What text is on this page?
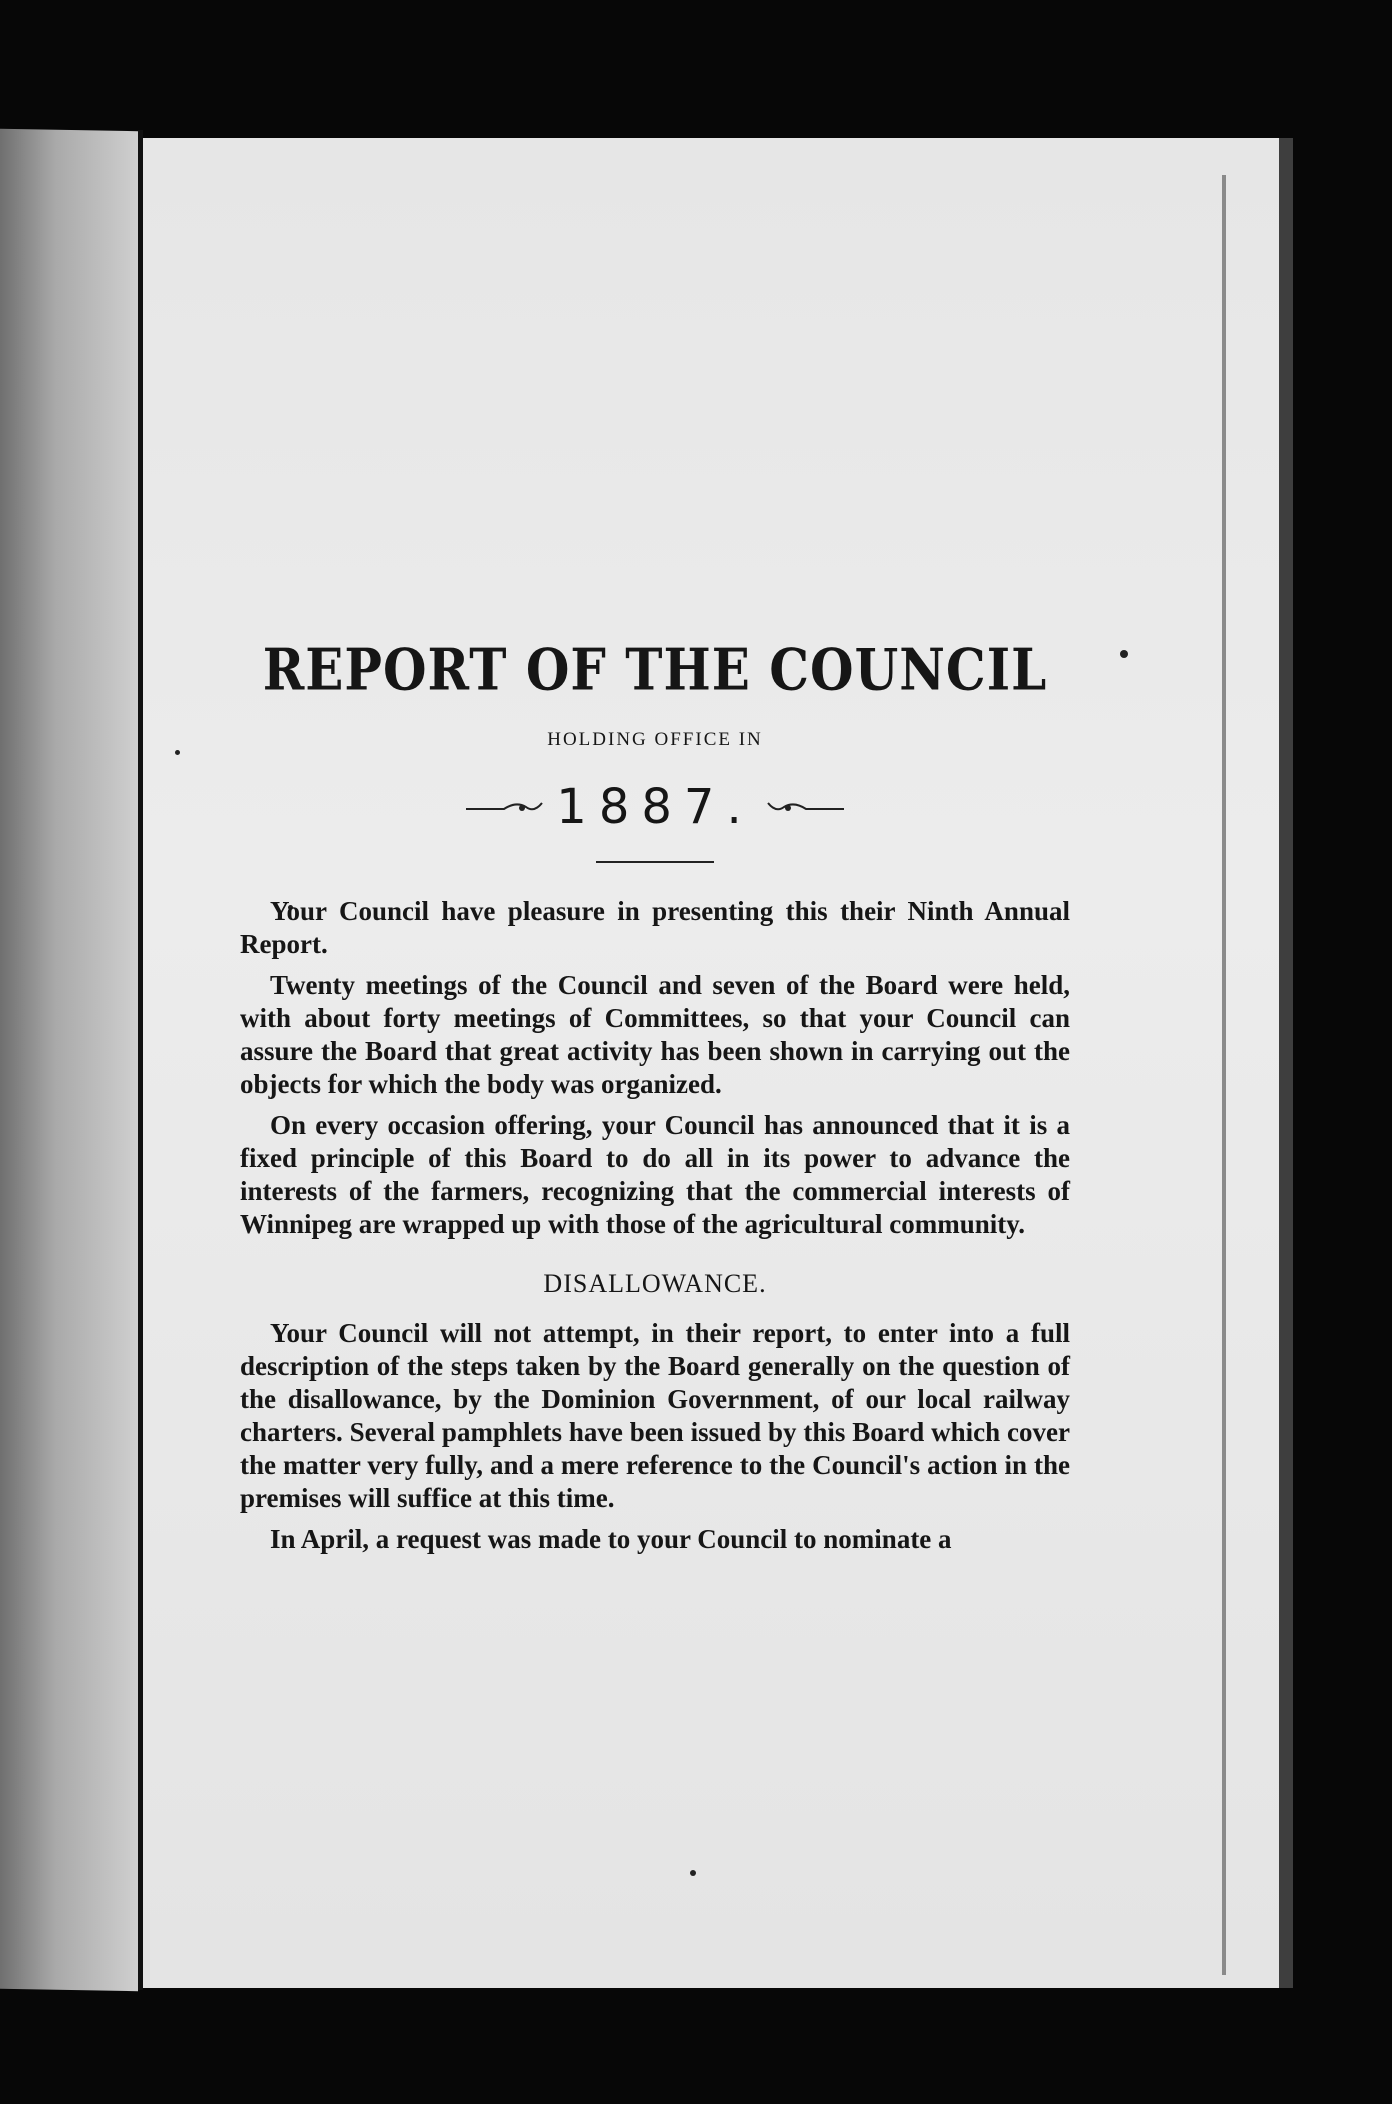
REPORT OF THE COUNCIL
HOLDING OFFICE IN
1887.

Your Council have pleasure in presenting this their Ninth Annual Report.

Twenty meetings of the Council and seven of the Board were held, with about forty meetings of Committees, so that your Council can assure the Board that great activity has been shown in carrying out the objects for which the body was organized.

On every occasion offering, your Council has announced that it is a fixed principle of this Board to do all in its power to advance the interests of the farmers, recognizing that the commercial interests of Winnipeg are wrapped up with those of the agricultural community.

DISALLOWANCE.

Your Council will not attempt, in their report, to enter into a full description of the steps taken by the Board generally on the question of the disallowance, by the Dominion Government, of our local railway charters. Several pamphlets have been issued by this Board which cover the matter very fully, and a mere reference to the Council's action in the premises will suffice at this time.

In April, a request was made to your Council to nominate a
